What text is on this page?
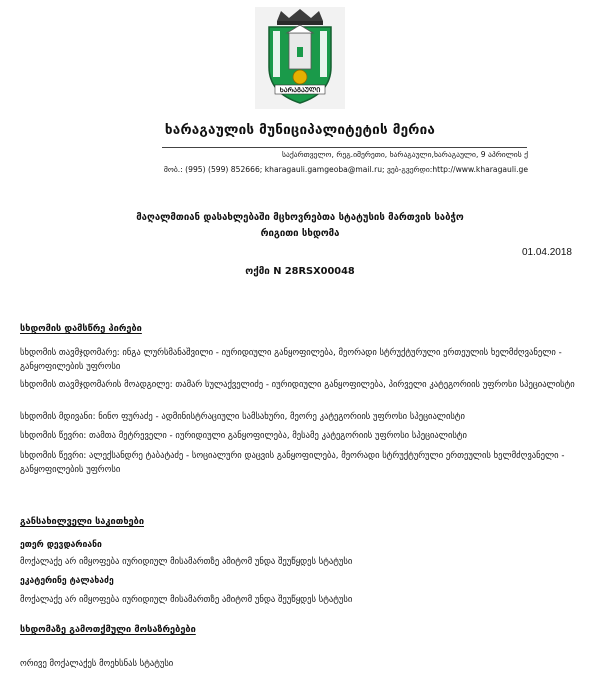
ᲮᲐᲠᲐᲒᲐᲣᲚᲘ
ხარაგაულის მუნიციპალიტეტის მერია
საქართველო, რეგ.იმერეთი, ხარაგაული,ხარაგაული, 9 აპრილის ქ
მობ.: (995) (599) 852666; kharagauli.gamgeoba@mail.ru; ვებ-გვერდი:http://www.kharagauli.ge
მაღალმთიან დასახლებაში მცხოვრებთა სტატუსის მართვის საბჭო
რიგითი სხდომა
01.04.2018
ოქმი N 28RSX00048
სხდომის დამსწრე პირები
სხდომის თავმჯდომარე: ინგა ლურსმანაშვილი - იურიდიული განყოფილება, მეორადი სტრუქტურული ერთეულის ხელმძღვანელი - განყოფილების უფროსი
სხდომის თავმჯდომარის მოადგილე: თამარ სულაქველიძე - იურიდიული განყოფილება, პირველი კატეგორიის უფროსი სპეციალისტი
სხდომის მდივანი: ნინო ფურაძე - ადმინისტრაციული სამსახური, მეორე კატეგორიის უფროსი სპეციალისტი
სხდომის წევრი: თამთა მეტრეველი - იურიდიული განყოფილება, მესამე კატეგორიის უფროსი სპეციალისტი
სხდომის წევრი: ალექსანდრე ტაბატაძე - სოციალური დაცვის განყოფილება, მეორადი სტრუქტურული ერთეულის ხელმძღვანელი - განყოფილების უფროსი
განსახილველი საკითხები
ეთერ დევდარიანი
მოქალაქე არ იმყოფება იურიდიულ მისამართზე ამიტომ უნდა შეუწყდეს სტატუსი
ეკატერინე ტალახაძე
მოქალაქე არ იმყოფება იურიდიულ მისამართზე ამიტომ უნდა შეუწყდეს სტატუსი
სხდომაზე გამოთქმული მოსაზრებები
ორივე მოქალაქეს მოეხსნას სტატუსი
